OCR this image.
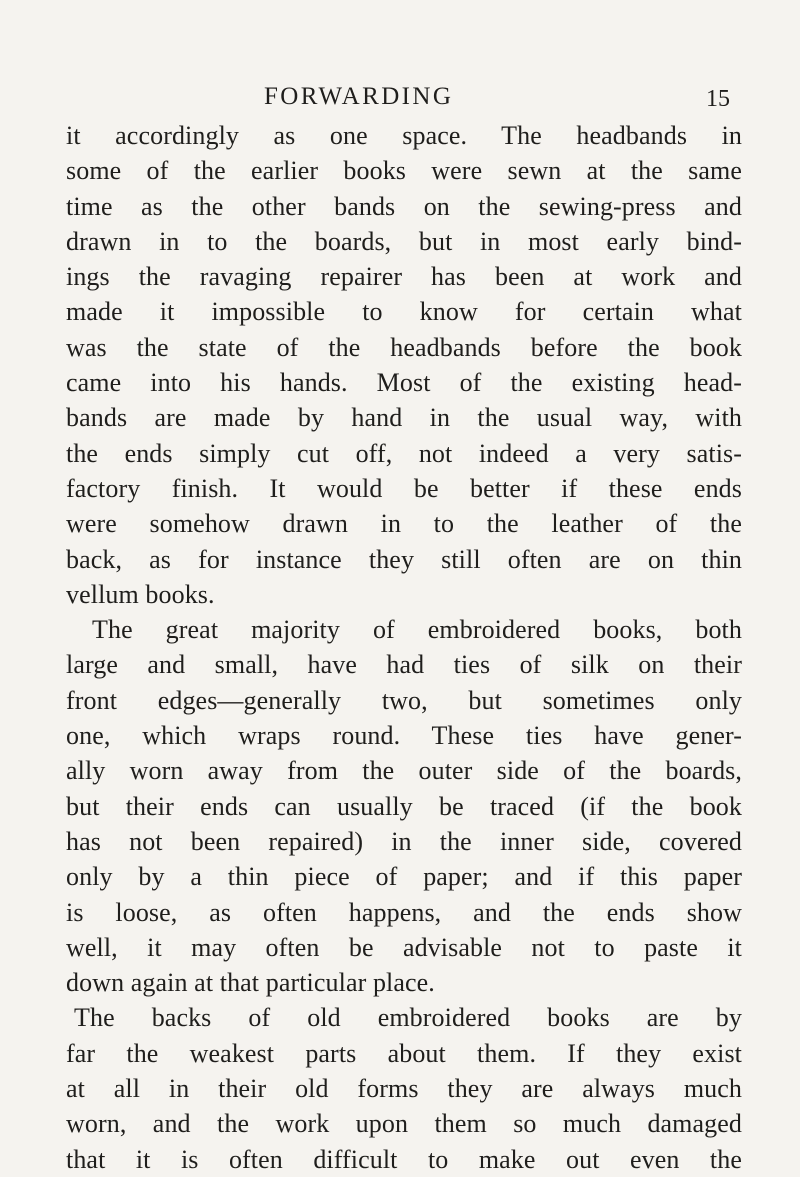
FORWARDING	15
it accordingly as one space. The headbands in
some of the earlier books were sewn at the same
time as the other bands on the sewing-press and
drawn in to the boards, but in most early bind-
ings the ravaging repairer has been at work and
made it impossible to know for certain what
was the state of the headbands before the book
came into his hands. Most of the existing head-
bands are made by hand in the usual way, with
the ends simply cut off, not indeed a very satis-
factory finish. It would be better if these ends
were somehow drawn in to the leather of the
back, as for instance they still often are on thin
vellum books.
The great majority of embroidered books, both
large and small, have had ties of silk on their
front edges—generally two, but sometimes only
one, which wraps round. These ties have gener-
ally worn away from the outer side of the boards,
but their ends can usually be traced (if the book
has not been repaired) in the inner side, covered
only by a thin piece of paper; and if this paper
is loose, as often happens, and the ends show
well, it may often be advisable not to paste it
down again at that particular place.
The backs of old embroidered books are by
far the weakest parts about them. If they exist
at all in their old forms they are always much
worn, and the work upon them so much damaged
that it is often difficult to make out even the
